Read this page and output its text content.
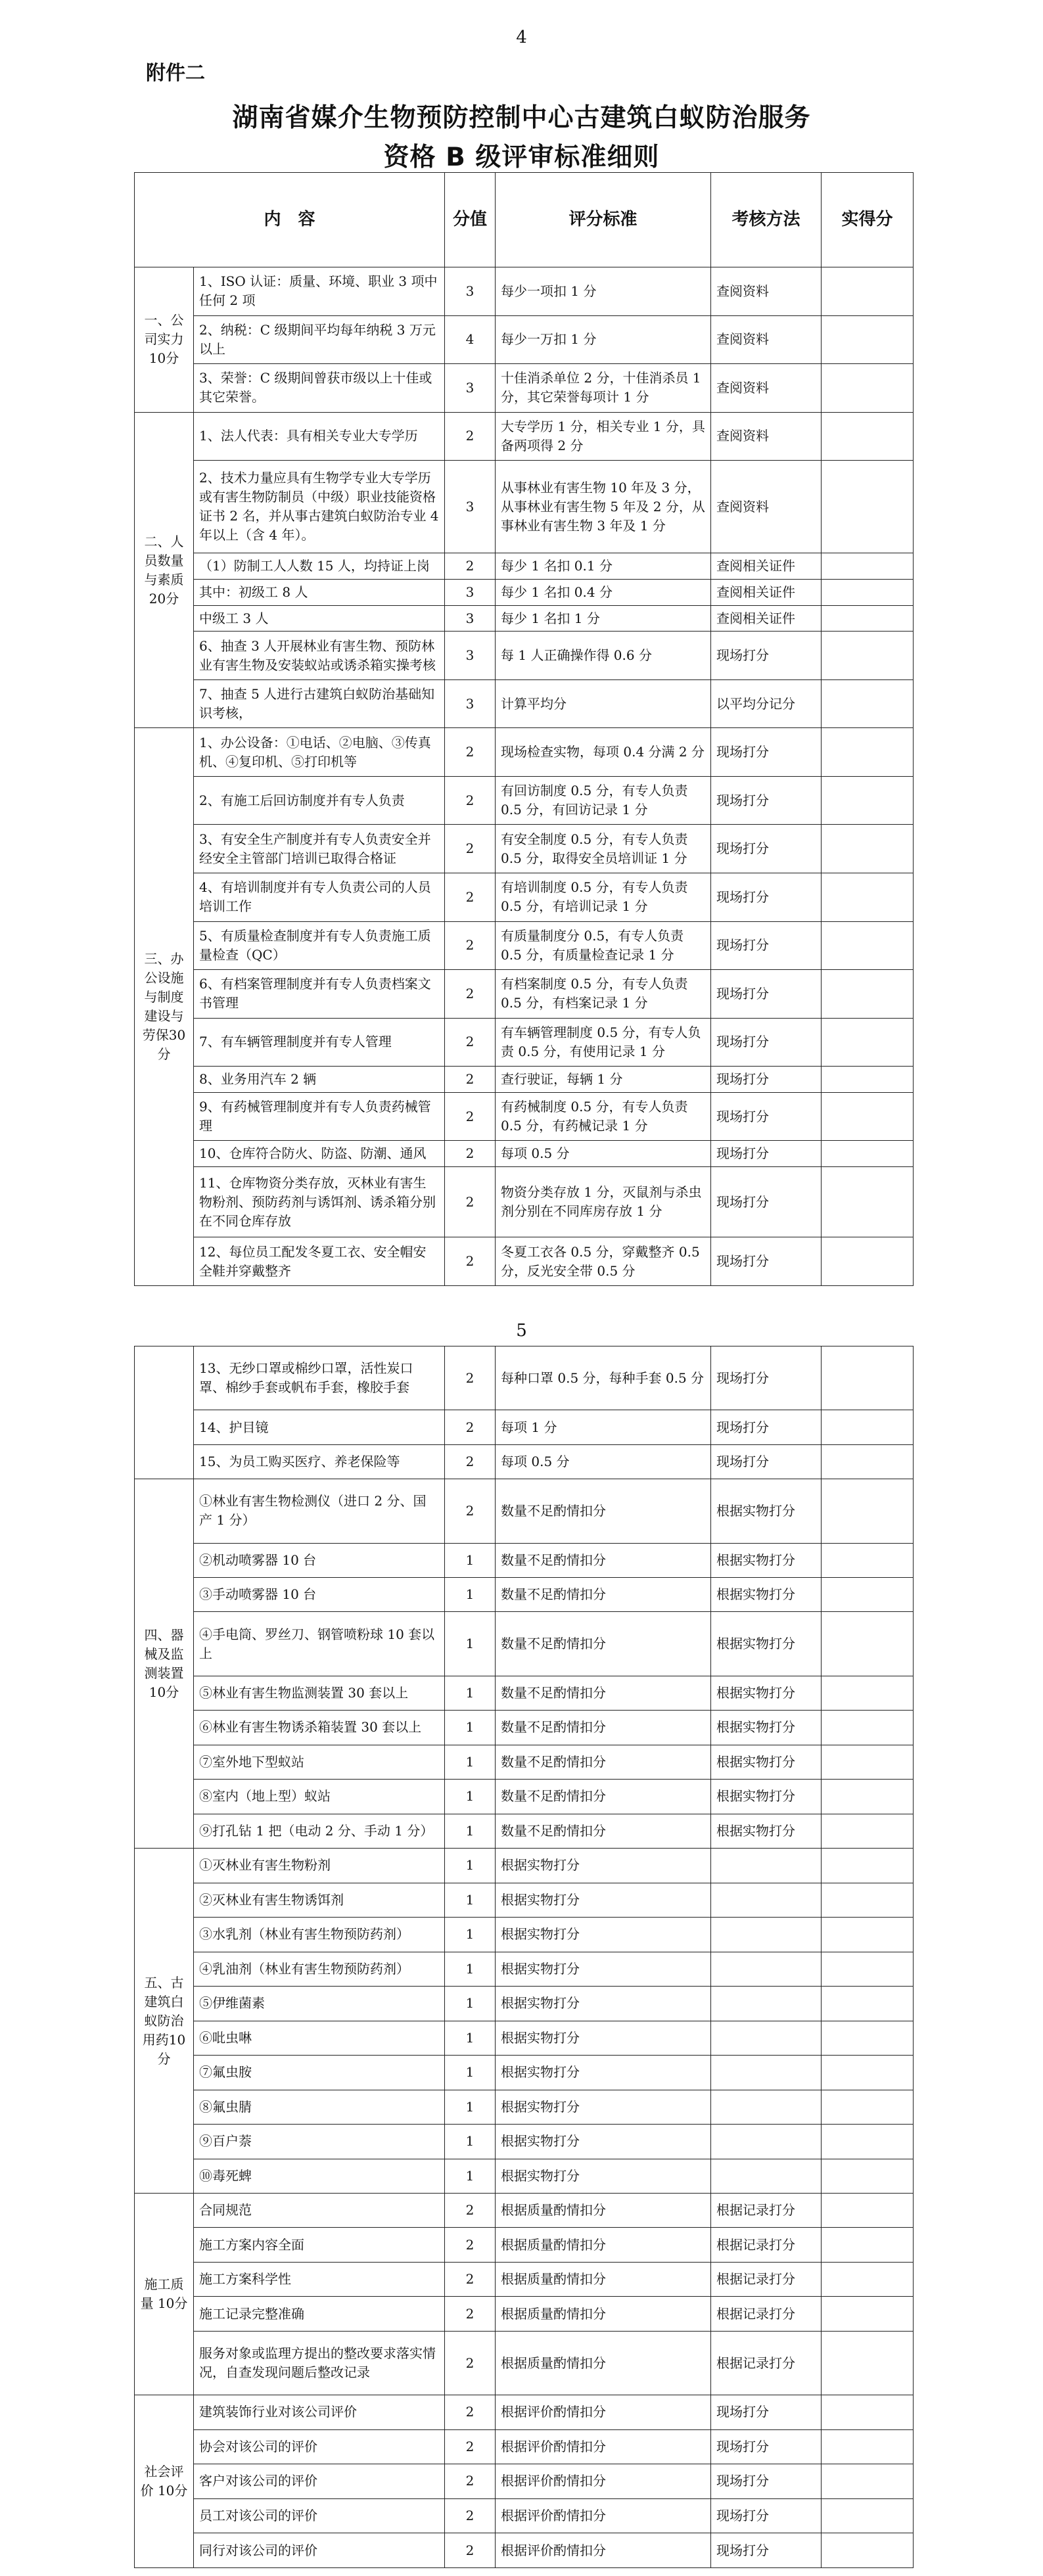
4
附件二
湖南省媒介生物预防控制中心古建筑白蚁防治服务
资格 B 级评审标准细则
内　容		分值	评分标准	考核方法	实得分
一、公司实力10分	1、ISO 认证：质量、环境、职业 3 项中任何 2 项	3	每少一项扣 1 分	查阅资料	
	2、纳税：C 级期间平均每年纳税 3 万元以上	4	每少一万扣 1 分	查阅资料	
	3、荣誉：C 级期间曾获市级以上十佳或其它荣誉。	3	十佳消杀单位 2 分，十佳消杀员 1 分，其它荣誉每项计 1 分	查阅资料	
二、人员数量与素质20分	1、法人代表：具有相关专业大专学历	2	大专学历 1 分，相关专业 1 分，具备两项得 2 分	查阅资料	
	2、技术力量应具有生物学专业大专学历或有害生物防制员（中级）职业技能资格证书 2 名，并从事古建筑白蚁防治专业 4 年以上（含 4 年）。	3	从事林业有害生物 10 年及 3 分，从事林业有害生物 5 年及 2 分，从事林业有害生物 3 年及 1 分	查阅资料	
	（1）防制工人人数 15 人，均持证上岗	2	每少 1 名扣 0.1 分	查阅相关证件	
	其中：初级工 8 人	3	每少 1 名扣 0.4 分	查阅相关证件	
	中级工 3 人	3	每少 1 名扣 1 分	查阅相关证件	
	6、抽查 3 人开展林业有害生物、预防林业有害生物及安装蚁站或诱杀箱实操考核	3	每 1 人正确操作得 0.6 分	现场打分	
	7、抽查 5 人进行古建筑白蚁防治基础知识考核，	3	计算平均分	以平均分记分	
三、办公设施与制度建设与劳保30分	1、办公设备：①电话、②电脑、③传真机、④复印机、⑤打印机等	2	现场检查实物，每项 0.4 分满 2 分	现场打分	
	2、有施工后回访制度并有专人负责	2	有回访制度 0.5 分，有专人负责 0.5 分，有回访记录 1 分	现场打分	
	3、有安全生产制度并有专人负责安全并经安全主管部门培训已取得合格证	2	有安全制度 0.5 分，有专人负责 0.5 分，取得安全员培训证 1 分	现场打分	
	4、有培训制度并有专人负责公司的人员培训工作	2	有培训制度 0.5 分，有专人负责 0.5 分，有培训记录 1 分	现场打分	
	5、有质量检查制度并有专人负责施工质量检查（QC）	2	有质量制度分 0.5，有专人负责 0.5 分，有质量检查记录 1 分	现场打分	
	6、有档案管理制度并有专人负责档案文书管理	2	有档案制度 0.5 分，有专人负责 0.5 分，有档案记录 1 分	现场打分	
	7、有车辆管理制度并有专人管理	2	有车辆管理制度 0.5 分，有专人负责 0.5 分，有使用记录 1 分	现场打分	
	8、业务用汽车 2 辆	2	查行驶证，每辆 1 分	现场打分	
	9、有药械管理制度并有专人负责药械管理	2	有药械制度 0.5 分，有专人负责 0.5 分，有药械记录 1 分	现场打分	
	10、仓库符合防火、防盗、防潮、通风	2	每项 0.5 分	现场打分	
	11、仓库物资分类存放，灭林业有害生物粉剂、预防药剂与诱饵剂、诱杀箱分别在不同仓库存放	2	物资分类存放 1 分，灭鼠剂与杀虫剂分别在不同库房存放 1 分	现场打分	
	12、每位员工配发冬夏工衣、安全帽安全鞋并穿戴整齐	2	冬夏工衣各 0.5 分，穿戴整齐 0.5 分，反光安全带 0.5 分	现场打分	
5
	13、无纱口罩或棉纱口罩，活性炭口罩、棉纱手套或帆布手套，橡胶手套	2	每种口罩 0.5 分，每种手套 0.5 分	现场打分	
	14、护目镜	2	每项 1 分	现场打分	
	15、为员工购买医疗、养老保险等	2	每项 0.5 分	现场打分	
四、器械及监测装置10分	①林业有害生物检测仪（进口 2 分、国产 1 分）	2	数量不足酌情扣分	根据实物打分	
	②机动喷雾器 10 台	1	数量不足酌情扣分	根据实物打分	
	③手动喷雾器 10 台	1	数量不足酌情扣分	根据实物打分	
	④手电筒、罗丝刀、钢管喷粉球 10 套以上	1	数量不足酌情扣分	根据实物打分	
	⑤林业有害生物监测装置 30 套以上	1	数量不足酌情扣分	根据实物打分	
	⑥林业有害生物诱杀箱装置 30 套以上	1	数量不足酌情扣分	根据实物打分	
	⑦室外地下型蚁站	1	数量不足酌情扣分	根据实物打分	
	⑧室内（地上型）蚁站	1	数量不足酌情扣分	根据实物打分	
	⑨打孔钻 1 把（电动 2 分、手动 1 分）	1	数量不足酌情扣分	根据实物打分	
五、古建筑白蚁防治用药10分	①灭林业有害生物粉剂	1	根据实物打分		
	②灭林业有害生物诱饵剂	1	根据实物打分		
	③水乳剂（林业有害生物预防药剂）	1	根据实物打分		
	④乳油剂（林业有害生物预防药剂）	1	根据实物打分		
	⑤伊维菌素	1	根据实物打分		
	⑥吡虫啉	1	根据实物打分		
	⑦氟虫胺	1	根据实物打分		
	⑧氟虫腈	1	根据实物打分		
	⑨百户萘	1	根据实物打分		
	⑩毒死蜱	1	根据实物打分		
施工质量 10分	合同规范	2	根据质量酌情扣分	根据记录打分	
	施工方案内容全面	2	根据质量酌情扣分	根据记录打分	
	施工方案科学性	2	根据质量酌情扣分	根据记录打分	
	施工记录完整准确	2	根据质量酌情扣分	根据记录打分	
	服务对象或监理方提出的整改要求落实情况，自查发现问题后整改记录	2	根据质量酌情扣分	根据记录打分	
社会评价 10分	建筑装饰行业对该公司评价	2	根据评价酌情扣分	现场打分	
	协会对该公司的评价	2	根据评价酌情扣分	现场打分	
	客户对该公司的评价	2	根据评价酌情扣分	现场打分	
	员工对该公司的评价	2	根据评价酌情扣分	现场打分	
	同行对该公司的评价	2	根据评价酌情扣分	现场打分	
